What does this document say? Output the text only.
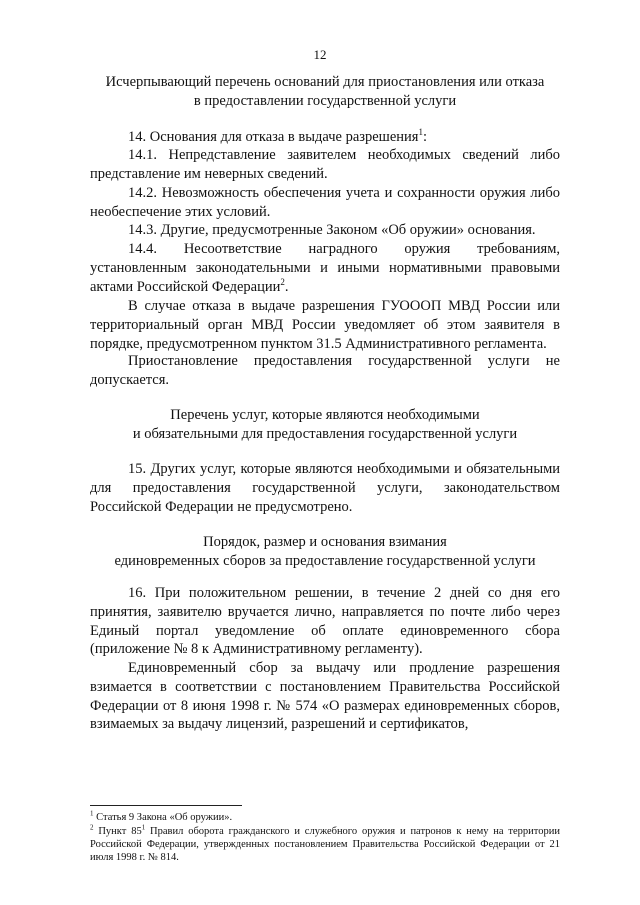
12
Исчерпывающий перечень оснований для приостановления или отказа
в предоставлении государственной услуги
14. Основания для отказа в выдаче разрешения$^1$:
14.1. Непредставление заявителем необходимых сведений либо представление им неверных сведений.
14.2. Невозможность обеспечения учета и сохранности оружия либо необеспечение этих условий.
14.3. Другие, предусмотренные Законом «Об оружии» основания.
14.4. Несоответствие наградного оружия требованиям, установленным законодательными и иными нормативными правовыми актами Российской Федерации$^2$.
В случае отказа в выдаче разрешения ГУОООП МВД России или территориальный орган МВД России уведомляет об этом заявителя в порядке, предусмотренном пунктом 31.5 Административного регламента.
Приостановление предоставления государственной услуги не допускается.
Перечень услуг, которые являются необходимыми
и обязательными для предоставления государственной услуги
15. Других услуг, которые являются необходимыми и обязательными для предоставления государственной услуги, законодательством Российской Федерации не предусмотрено.
Порядок, размер и основания взимания
единовременных сборов за предоставление государственной услуги
16. При положительном решении, в течение 2 дней со дня его принятия, заявителю вручается лично, направляется по почте либо через Единый портал уведомление об оплате единовременного сбора (приложение № 8 к Административному регламенту).
Единовременный сбор за выдачу или продление разрешения взимается в соответствии с постановлением Правительства Российской Федерации от 8 июня 1998 г. № 574 «О размерах единовременных сборов, взимаемых за выдачу лицензий, разрешений и сертификатов,
$^1$ Статья 9 Закона «Об оружии».
$^2$ Пункт $85^1$ Правил оборота гражданского и служебного оружия и патронов к нему на территории Российской Федерации, утвержденных постановлением Правительства Российской Федерации от 21 июля 1998 г. № 814.
